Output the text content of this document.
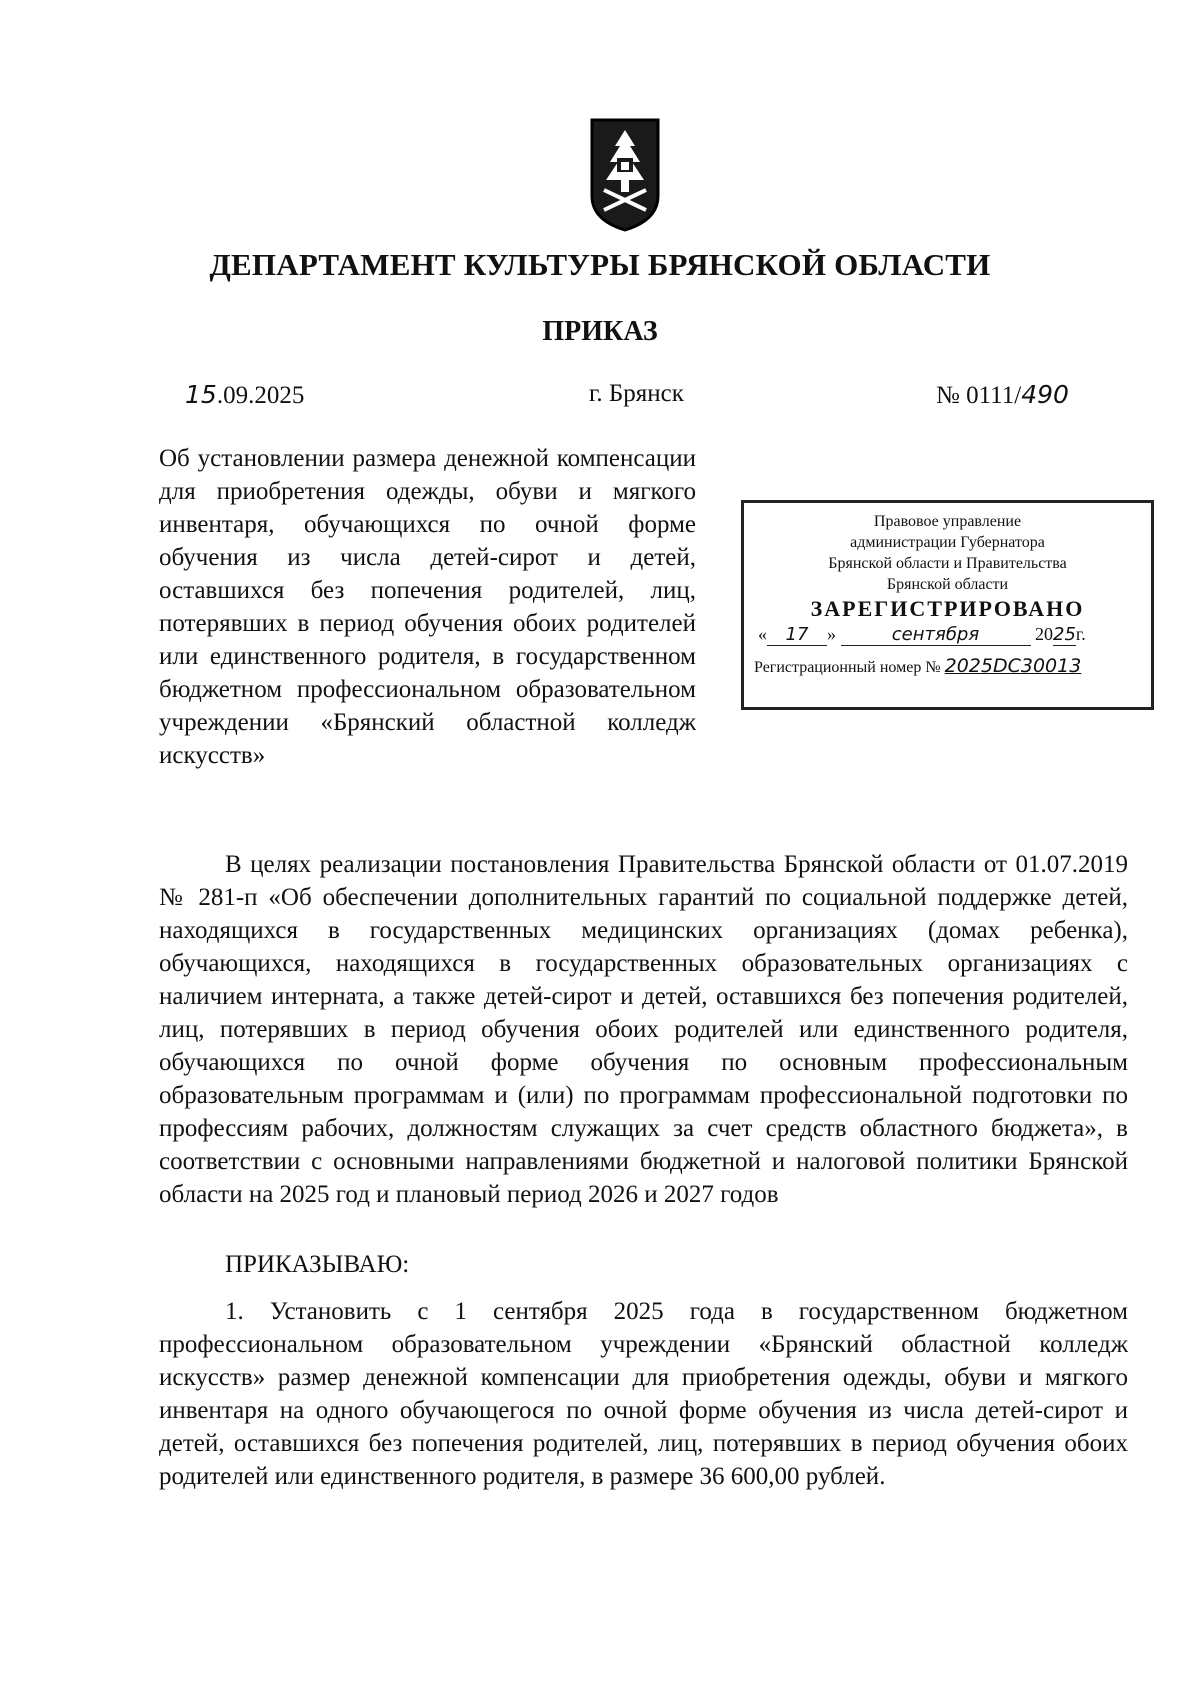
ДЕПАРТАМЕНТ КУЛЬТУРЫ БРЯНСКОЙ ОБЛАСТИ
ПРИКАЗ
15.09.2025	г. Брянск	№ 0111/490
Об установлении размера денежной компенсации для приобретения одежды, обуви и мягкого инвентаря, обучающихся по очной форме обучения из числа детей-сирот и детей, оставшихся без попечения родителей, лиц, потерявших в период обучения обоих родителей или единственного родителя, в государственном бюджетном профессиональном образовательном учреждении «Брянский областной колледж искусств»
Правовое управление
администрации Губернатора
Брянской области и Правительства
Брянской области
ЗАРЕГИСТРИРОВАНО
« 17 »	сентября	2025г.
Регистрационный номер № 2025DC30013
В целях реализации постановления Правительства Брянской области от 01.07.2019 № 281-п «Об обеспечении дополнительных гарантий по социальной поддержке детей, находящихся в государственных медицинских организациях (домах ребенка), обучающихся, находящихся в государственных образовательных организациях с наличием интерната, а также детей-сирот и детей, оставшихся без попечения родителей, лиц, потерявших в период обучения обоих родителей или единственного родителя, обучающихся по очной форме обучения по основным профессиональным образовательным программам и (или) по программам профессиональной подготовки по профессиям рабочих, должностям служащих за счет средств областного бюджета», в соответствии с основными направлениями бюджетной и налоговой политики Брянской области на 2025 год и плановый период 2026 и 2027 годов
ПРИКАЗЫВАЮ:
1. Установить с 1 сентября 2025 года в государственном бюджетном профессиональном образовательном учреждении «Брянский областной колледж искусств» размер денежной компенсации для приобретения одежды, обуви и мягкого инвентаря на одного обучающегося по очной форме обучения из числа детей-сирот и детей, оставшихся без попечения родителей, лиц, потерявших в период обучения обоих родителей или единственного родителя, в размере 36 600,00 рублей.
